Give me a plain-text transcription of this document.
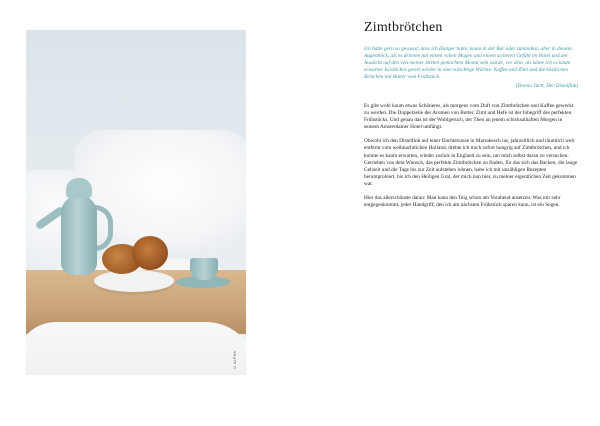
© ALPHA
Zimtbrötchen

Ich hätte gern so gewusst, dass ich Hunger hatte, kaum in der Bar oder zumindest, aber in diesem Augenblick, als es drinnen mit einem vollen Magen und einem sicheren Gefühl im Hotel und der Aussicht auf den von meiner letzten gemachten Monat sein würde, vor dem, als käme ich es kaum erwartet. Köstliches geriet wieder in eine zurichtige Wärme: Kaffee und Zimt und die köstlichen Brötchen mit Butter vom Frühstück.

(Donna Tartt, Der Distelfink)

Es gibt wohl kaum etwas Schöneres, als morgens vom Duft von Zimtbrötchen und Kaffee geweckt zu werden. Die Doppelzeile der Aromen von Butter, Zimt und Hefe ist der Inbegriff des perfekten Frühstücks. Und genau das ist der Wohlgeruch, der Theo an jenem schicksalhaften Morgen in seinem Amsterdamer Hotel umfängt.

Obwohl ich den Distelfink auf einer Dachterrasse in Marrakesch las, jahrzeitlich und räumlich weit entfernt vom weihnachtlichen Holland, drehte ich mich sofort hungrig auf Zimtbrötchen, und ich konnte es kaum erwarten, wieder zurück in England zu sein, um mich selbst daran zu versuchen. Getrieben von dem Wunsch, das perfekte Zimtbrötchen zu finden, für das sich das Backen, die lange Gehzeit und die Tage bis zur Zeit aufstehen lohnen, habe ich mit unzähligen Rezepten herumprobiert, bis ich den Heiligen Gral, der mich nun hier, zu meiner eigentlichen Zeit gekommen war.

Hier das allerschönste daran: Man kann den Teig schon am Vorabend ansetzen. Was mir sehr entgegenkommt, jeder Handgriff, den ich am nächsten Frühstück sparen kann, ist ein Segen.
